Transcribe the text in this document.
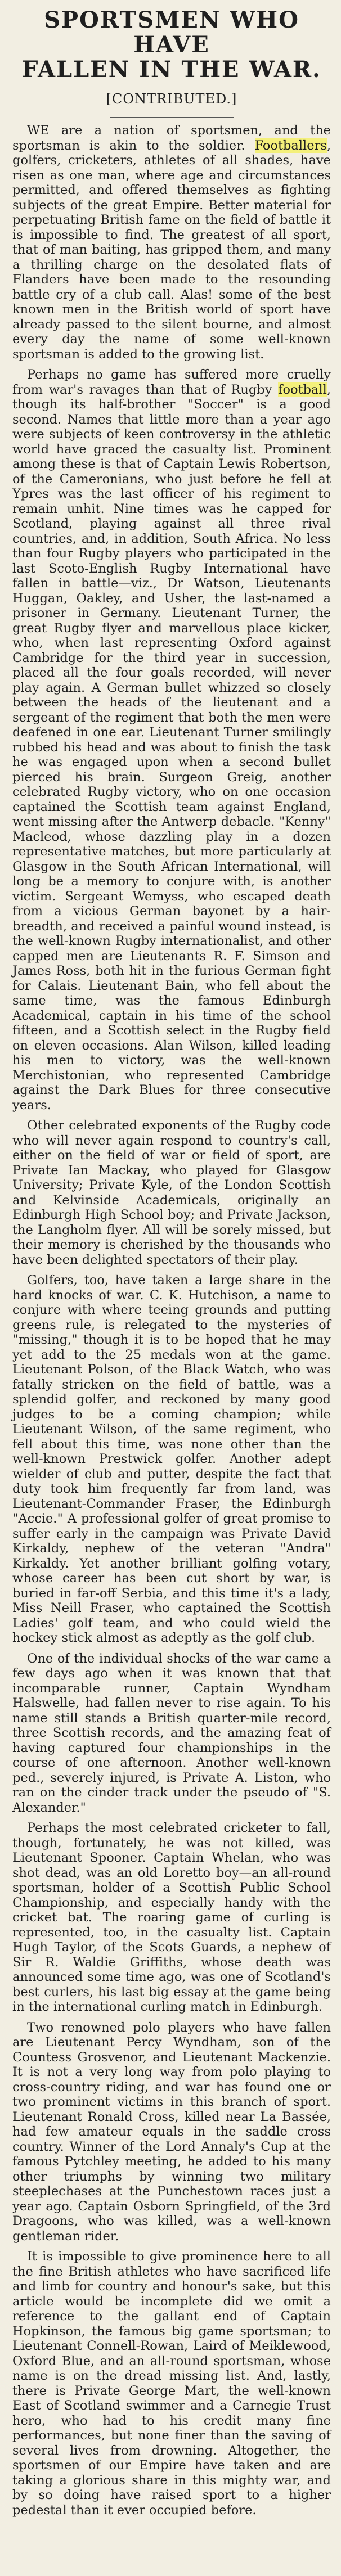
SPORTSMEN WHO HAVE
FALLEN IN THE WAR.
[CONTRIBUTED.]

WE are a nation of sportsmen, and the sportsman is akin to the soldier. Footballers, golfers, cricketers, athletes of all shades, have risen as one man, where age and circumstances permitted, and offered themselves as fighting subjects of the great Empire. Better material for perpetuating British fame on the field of battle it is impossible to find. The greatest of all sport, that of man baiting, has gripped them, and many a thrilling charge on the desolated flats of Flanders have been made to the resounding battle cry of a club call. Alas! some of the best known men in the British world of sport have already passed to the silent bourne, and almost every day the name of some well-known sportsman is added to the growing list.

Perhaps no game has suffered more cruelly from war's ravages than that of Rugby football, though its half-brother "Soccer" is a good second. Names that little more than a year ago were subjects of keen controversy in the athletic world have graced the casualty list. Prominent among these is that of Captain Lewis Robertson, of the Cameronians, who just before he fell at Ypres was the last officer of his regiment to remain unhit. Nine times was he capped for Scotland, playing against all three rival countries, and, in addition, South Africa. No less than four Rugby players who participated in the last Scoto-English Rugby International have fallen in battle—viz., Dr Watson, Lieutenants Huggan, Oakley, and Usher, the last-named a prisoner in Germany. Lieutenant Turner, the great Rugby flyer and marvellous place kicker, who, when last representing Oxford against Cambridge for the third year in succession, placed all the four goals recorded, will never play again. A German bullet whizzed so closely between the heads of the lieutenant and a sergeant of the regiment that both the men were deafened in one ear. Lieutenant Turner smilingly rubbed his head and was about to finish the task he was engaged upon when a second bullet pierced his brain. Surgeon Greig, another celebrated Rugby victory, who on one occasion captained the Scottish team against England, went missing after the Antwerp debacle. "Kenny" Macleod, whose dazzling play in a dozen representative matches, but more particularly at Glasgow in the South African International, will long be a memory to conjure with, is another victim. Sergeant Wemyss, who escaped death from a vicious German bayonet by a hair-breadth, and received a painful wound instead, is the well-known Rugby internationalist, and other capped men are Lieutenants R. F. Simson and James Ross, both hit in the furious German fight for Calais. Lieutenant Bain, who fell about the same time, was the famous Edinburgh Academical, captain in his time of the school fifteen, and a Scottish select in the Rugby field on eleven occasions. Alan Wilson, killed leading his men to victory, was the well-known Merchistonian, who represented Cambridge against the Dark Blues for three consecutive years.

Other celebrated exponents of the Rugby code who will never again respond to country's call, either on the field of war or field of sport, are Private Ian Mackay, who played for Glasgow University; Private Kyle, of the London Scottish and Kelvinside Academicals, originally an Edinburgh High School boy; and Private Jackson, the Langholm flyer. All will be sorely missed, but their memory is cherished by the thousands who have been delighted spectators of their play.

Golfers, too, have taken a large share in the hard knocks of war. C. K. Hutchison, a name to conjure with where teeing grounds and putting greens rule, is relegated to the mysteries of "missing," though it is to be hoped that he may yet add to the 25 medals won at the game. Lieutenant Polson, of the Black Watch, who was fatally stricken on the field of battle, was a splendid golfer, and reckoned by many good judges to be a coming champion; while Lieutenant Wilson, of the same regiment, who fell about this time, was none other than the well-known Prestwick golfer. Another adept wielder of club and putter, despite the fact that duty took him frequently far from land, was Lieutenant-Commander Fraser, the Edinburgh "Accie." A professional golfer of great promise to suffer early in the campaign was Private David Kirkaldy, nephew of the veteran "Andra" Kirkaldy. Yet another brilliant golfing votary, whose career has been cut short by war, is buried in far-off Serbia, and this time it's a lady, Miss Neill Fraser, who captained the Scottish Ladies' golf team, and who could wield the hockey stick almost as adeptly as the golf club.

One of the individual shocks of the war came a few days ago when it was known that that incomparable runner, Captain Wyndham Halswelle, had fallen never to rise again. To his name still stands a British quarter-mile record, three Scottish records, and the amazing feat of having captured four championships in the course of one afternoon. Another well-known ped., severely injured, is Private A. Liston, who ran on the cinder track under the pseudo of "S. Alexander."

Perhaps the most celebrated cricketer to fall, though, fortunately, he was not killed, was Lieutenant Spooner. Captain Whelan, who was shot dead, was an old Loretto boy—an all-round sportsman, holder of a Scottish Public School Championship, and especially handy with the cricket bat. The roaring game of curling is represented, too, in the casualty list. Captain Hugh Taylor, of the Scots Guards, a nephew of Sir R. Waldie Griffiths, whose death was announced some time ago, was one of Scotland's best curlers, his last big essay at the game being in the international curling match in Edinburgh.

Two renowned polo players who have fallen are Lieutenant Percy Wyndham, son of the Countess Grosvenor, and Lieutenant Mackenzie. It is not a very long way from polo playing to cross-country riding, and war has found one or two prominent victims in this branch of sport. Lieutenant Ronald Cross, killed near La Bassée, had few amateur equals in the saddle cross country. Winner of the Lord Annaly's Cup at the famous Pytchley meeting, he added to his many other triumphs by winning two military steeplechases at the Punchestown races just a year ago. Captain Osborn Springfield, of the 3rd Dragoons, who was killed, was a well-known gentleman rider.

It is impossible to give prominence here to all the fine British athletes who have sacrificed life and limb for country and honour's sake, but this article would be incomplete did we omit a reference to the gallant end of Captain Hopkinson, the famous big game sportsman; to Lieutenant Connell-Rowan, Laird of Meiklewood, Oxford Blue, and an all-round sportsman, whose name is on the dread missing list. And, lastly, there is Private George Mart, the well-known East of Scotland swimmer and a Carnegie Trust hero, who had to his credit many fine performances, but none finer than the saving of several lives from drowning. Altogether, the sportsmen of our Empire have taken and are taking a glorious share in this mighty war, and by so doing have raised sport to a higher pedestal than it ever occupied before.
